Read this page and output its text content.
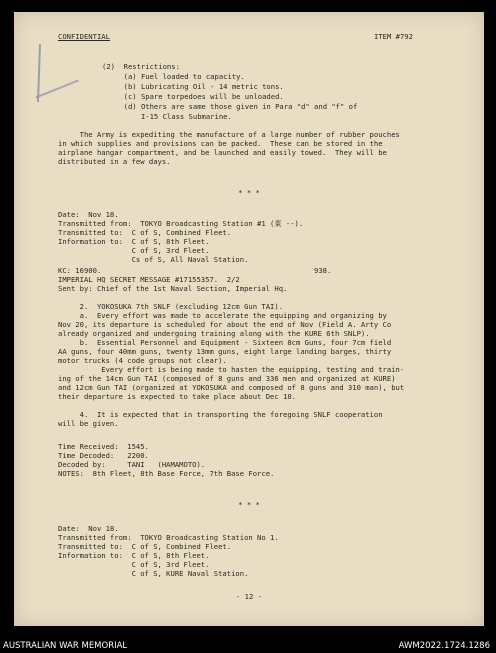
CONFIDENTIAL	ITEM #792
(2)  Restrictions:
(a) Fuel loaded to capacity.
(b) Lubricating Oil - 14 metric tons.
(c) Spare torpedoes will be unloaded.
(d) Others are same those given in Para "d" and "f" of
I-15 Class Submarine.
The Army is expediting the manufacture of a large number of rubber pouches
in which supplies and provisions can be packed.  These can be stored in the
airplane hangar compartment, and be launched and easily towed.  They will be
distributed in a few days.
* * *
Date:  Nov 18.
Transmitted from:  TOKYO Broadcasting Station #1 (東 --).
Transmitted to:  C of S, Combined Fleet.
Information to:  C of S, 8th Fleet.
C of S, 3rd Fleet.
Cs of S, All Naval Station.
KC: 16900.	938.
IMPERIAL HQ SECRET MESSAGE #17155357.  2/2
Sent by: Chief of the 1st Naval Section, Imperial Hq.
2.  YOKOSUKA 7th SNLF (excluding 12cm Gun TAI).
a.  Every effort was made to accelerate the equipping and organizing by
Nov 20, its departure is scheduled for about the end of Nov (Field A. Arty Co
already organized and undergoing training along with the KURE 6th SNLP).
b.  Essential Personnel and Equipment - Sixteen 8cm Guns, four 7cm field
AA guns, four 40mm guns, twenty 13mm guns, eight large landing barges, thirty
motor trucks (4 code groups not clear).
Every effort is being made to hasten the equipping, testing and train-
ing of the 14cm Gun TAI (composed of 8 guns and 336 men and organized at KURE)
and 12cm Gun TAI (organized at YOKOSUKA and composed of 8 guns and 310 man), but
their departure is expected to take place about Dec 10.
4.  It is expected that in transporting the foregoing SNLF cooperation
will be given.
Time Received:  1545.
Time Decoded:   2200.
Decoded by:     TANI   (HAMAMOTO).
NOTES:  8th Fleet, 8th Base Force, 7th Base Force.
* * *
Date:  Nov 18.
Transmitted from:  TOKYO Broadcasting Station No 1.
Transmitted to:  C of S, Combined Fleet.
Information to:  C of S, 8th Fleet.
C of S, 3rd Fleet.
C of S, KURE Naval Station.
- 12 -
AUSTRALIAN WAR MEMORIAL	AWM2022.1724.1286
